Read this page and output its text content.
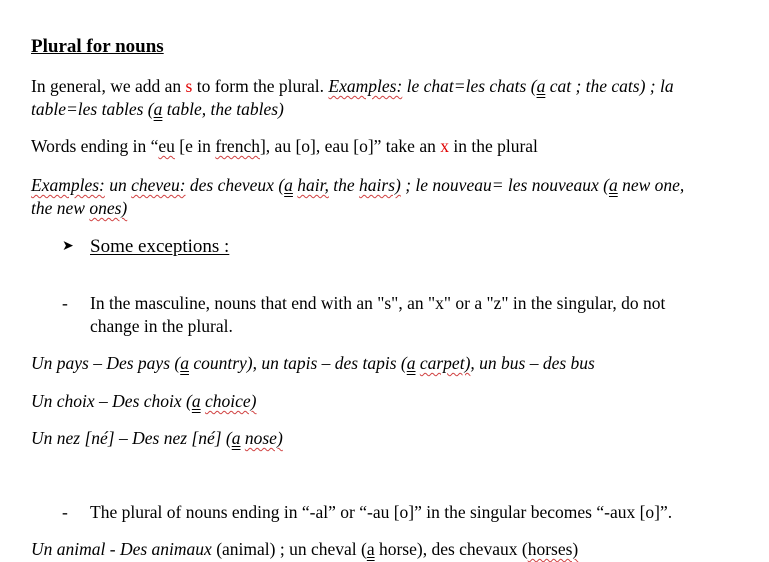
Plural for nouns
In general, we add an s to form the plural. Examples: le chat=les chats (a cat ; the cats) ; la
table=les tables (a table, the tables)
Words ending in “eu [e in french], au [o], eau [o]” take an x in the plural
Examples: un cheveu: des cheveux (a hair, the hairs) ; le nouveau= les nouveaux (a new one,
the new ones)
➤ Some exceptions :
- In the masculine, nouns that end with an "s", an "x" or a "z" in the singular, do not
change in the plural.
Un pays – Des pays (a country), un tapis – des tapis (a carpet), un bus – des bus
Un choix – Des choix (a choice)
Un nez [né] – Des nez [né] (a nose)
- The plural of nouns ending in “-al” or “-au [o]” in the singular becomes “-aux [o]”.
Un animal - Des animaux (animal) ; un cheval (a horse), des chevaux (horses)
